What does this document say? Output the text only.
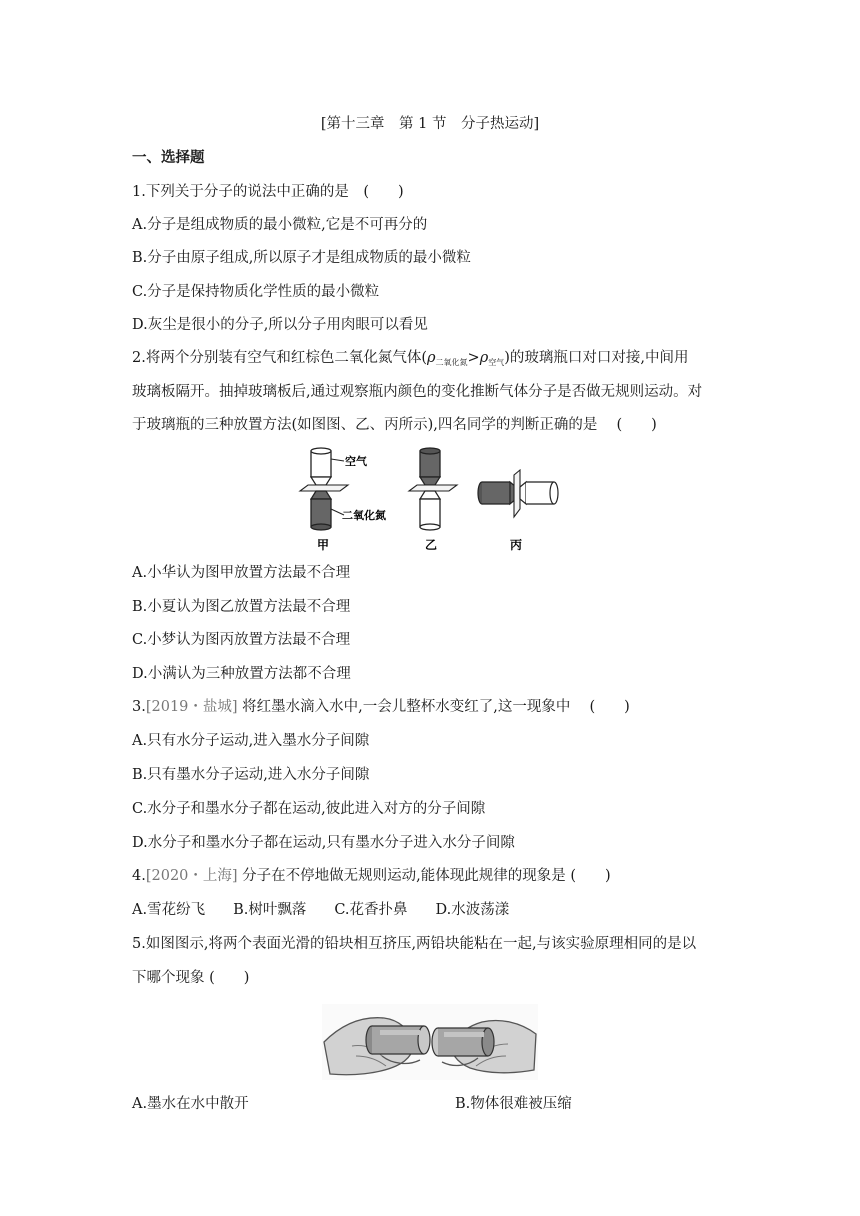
[第十三章　第 1 节　分子热运动]
一、选择题
1.下列关于分子的说法中正确的是　(　　)
A.分子是组成物质的最小微粒,它是不可再分的
B.分子由原子组成,所以原子才是组成物质的最小微粒
C.分子是保持物质化学性质的最小微粒
D.灰尘是很小的分子,所以分子用肉眼可以看见
2.将两个分别装有空气和红棕色二氧化氮气体$(\rho_{二氧化氮}>\rho_{空气})$的玻璃瓶口对口对接,中间用
玻璃板隔开。抽掉玻璃板后,通过观察瓶内颜色的变化推断气体分子是否做无规则运动。对
于玻璃瓶的三种放置方法(如图图、乙、丙所示),四名同学的判断正确的是　 (　　)
空气
二氧化氮
甲	乙	丙
A.小华认为图甲放置方法最不合理
B.小夏认为图乙放置方法最不合理
C.小梦认为图丙放置方法最不合理
D.小满认为三种放置方法都不合理
3.[2019・盐城] 将红墨水滴入水中,一会儿整杯水变红了,这一现象中　 (　　)
A.只有水分子运动,进入墨水分子间隙
B.只有墨水分子运动,进入水分子间隙
C.水分子和墨水分子都在运动,彼此进入对方的分子间隙
D.水分子和墨水分子都在运动,只有墨水分子进入水分子间隙
4.[2020・上海] 分子在不停地做无规则运动,能体现此规律的现象是 (　　)
A.雪花纷飞 B.树叶飘落 C.花香扑鼻 D.水波荡漾
5.如图图示,将两个表面光滑的铅块相互挤压,两铅块能粘在一起,与该实验原理相同的是以
下哪个现象 (　　)
A.墨水在水中散开	B.物体很难被压缩
